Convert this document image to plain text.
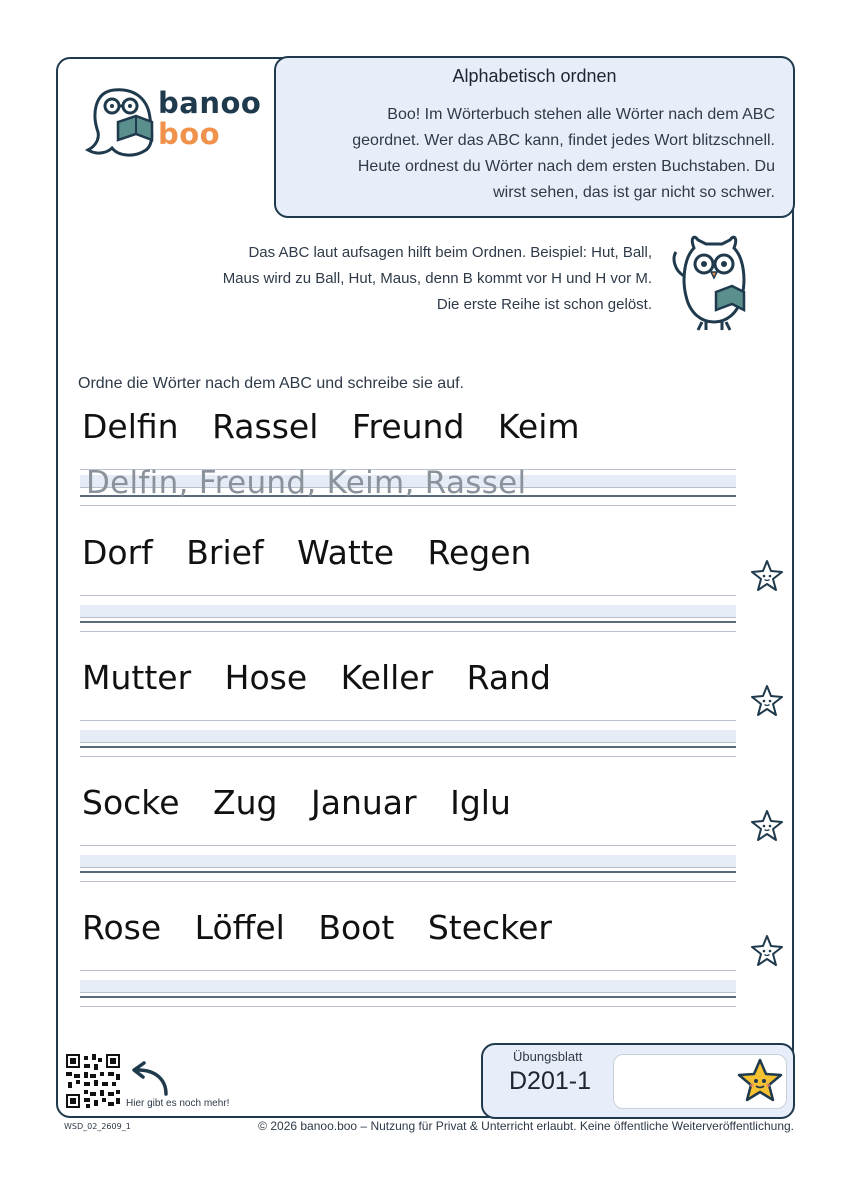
banoo
boo
Alphabetisch ordnen
Boo! Im Wörterbuch stehen alle Wörter nach dem ABC
geordnet. Wer das ABC kann, findet jedes Wort blitzschnell.
Heute ordnest du Wörter nach dem ersten Buchstaben. Du
wirst sehen, das ist gar nicht so schwer.
Das ABC laut aufsagen hilft beim Ordnen. Beispiel: Hut, Ball,
Maus wird zu Ball, Hut, Maus, denn B kommt vor H und H vor M.
Die erste Reihe ist schon gelöst.
Ordne die Wörter nach dem ABC und schreibe sie auf.
Delfin Rassel Freund Keim
Delfin, Freund, Keim, Rassel
Dorf Brief Watte Regen
Mutter Hose Keller Rand
Socke Zug Januar Iglu
Rose Löffel Boot Stecker
Hier gibt es noch mehr!
Übungsblatt
D201-1
WSD_02_2609_1	© 2026 banoo.boo – Nutzung für Privat & Unterricht erlaubt. Keine öffentliche Weiterveröffentlichung.
